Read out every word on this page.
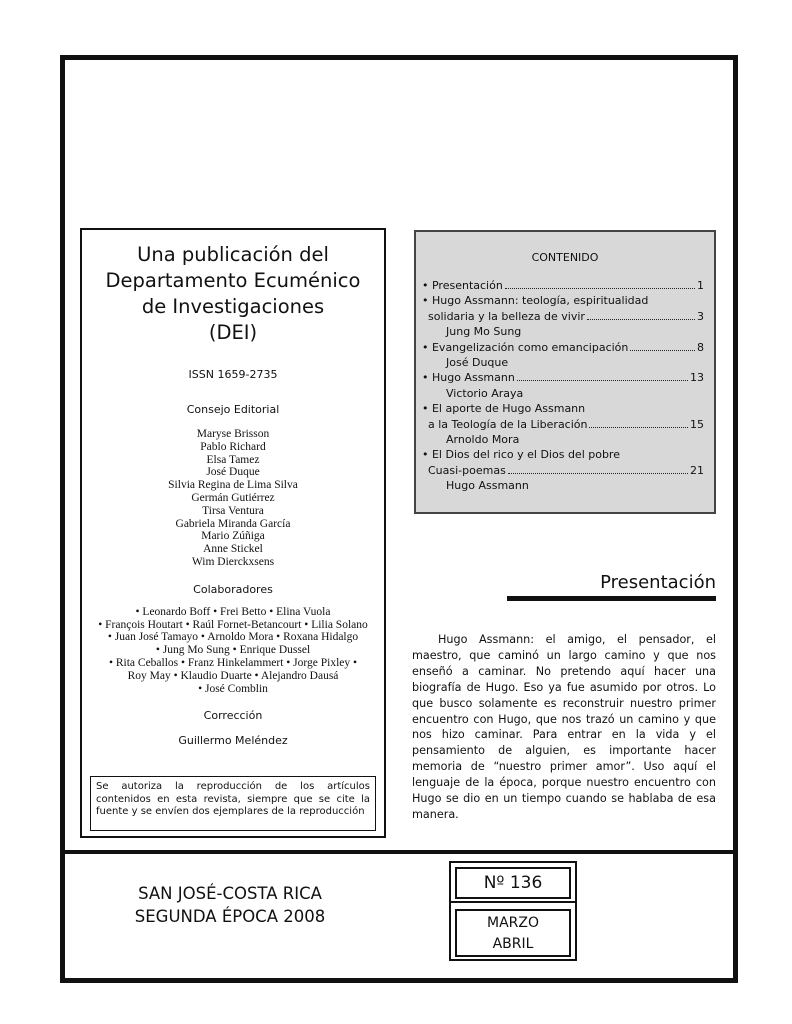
Una publicación del
Departamento Ecuménico
de Investigaciones
(DEI)
ISSN 1659-2735
Consejo Editorial
Maryse Brisson
Pablo Richard
Elsa Tamez
José Duque
Silvia Regina de Lima Silva
Germán Gutiérrez
Tirsa Ventura
Gabriela Miranda García
Mario Zúñiga
Anne Stickel
Wim Dierckxsens
Colaboradores
• Leonardo Boff • Frei Betto • Elina Vuola
• François Houtart • Raúl Fornet-Betancourt • Lilia Solano
• Juan José Tamayo • Arnoldo Mora • Roxana Hidalgo
• Jung Mo Sung • Enrique Dussel
• Rita Ceballos • Franz Hinkelammert • Jorge Pixley •
Roy May • Klaudio Duarte • Alejandro Dausá
• José Comblin
Corrección
Guillermo Meléndez
Se autoriza la reproducción de los artículos contenidos en esta revista, siempre que se cite la fuente y se envíen dos ejemplares de la reproducción
CONTENIDO
• Presentación	1
• Hugo Assmann: teología, espiritualidad
solidaria y la belleza de vivir	3
Jung Mo Sung
• Evangelización como emancipación	8
José Duque
• Hugo Assmann	13
Victorio Araya
• El aporte de Hugo Assmann
a la Teología de la Liberación	15
Arnoldo Mora
• El Dios del rico y el Dios del pobre
Cuasi-poemas	21
Hugo Assmann
Presentación

Hugo Assmann: el amigo, el pensador, el maestro, que caminó un largo camino y que nos enseñó a caminar. No pretendo aquí hacer una biografía de Hugo. Eso ya fue asumido por otros. Lo que busco solamente es reconstruir nuestro primer encuentro con Hugo, que nos trazó un camino y que nos hizo caminar. Para entrar en la vida y el pensamiento de alguien, es importante hacer memoria de “nuestro primer amor”. Uso aquí el lenguaje de la época, porque nuestro encuentro con Hugo se dio en un tiempo cuando se hablaba de esa manera.

SAN JOSÉ-COSTA RICA
SEGUNDA ÉPOCA 2008
Nº 136
MARZO
ABRIL
